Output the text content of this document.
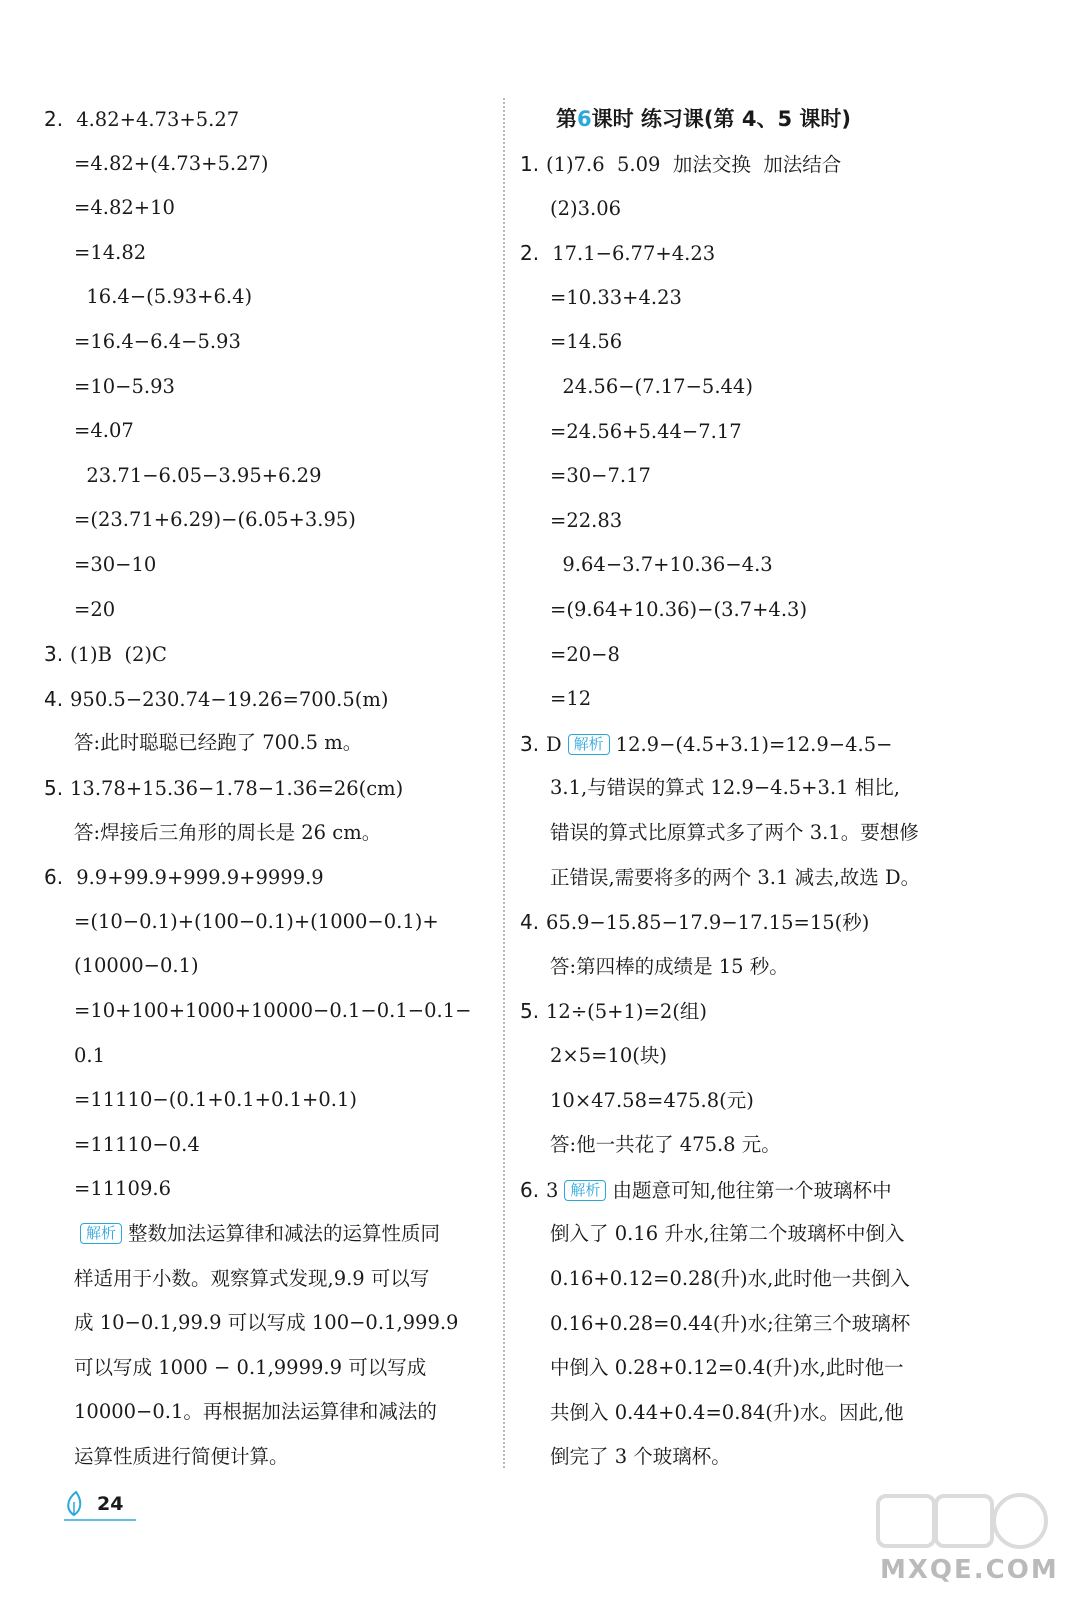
2. 4.82+4.73+5.27
=4.82+(4.73+5.27)
=4.82+10
=14.82
16.4−(5.93+6.4)
=16.4−6.4−5.93
=10−5.93
=4.07
23.71−6.05−3.95+6.29
=(23.71+6.29)−(6.05+3.95)
=30−10
=20
3. (1)B  (2)C
4. 950.5−230.74−19.26=700.5(m)
答:此时聪聪已经跑了 700.5 m。
5. 13.78+15.36−1.78−1.36=26(cm)
答:焊接后三角形的周长是 26 cm。
6. 9.9+99.9+999.9+9999.9
=(10−0.1)+(100−0.1)+(1000−0.1)+
(10000−0.1)
=10+100+1000+10000−0.1−0.1−0.1−
0.1
=11110−(0.1+0.1+0.1+0.1)
=11110−0.4
=11109.6
解析 整数加法运算律和减法的运算性质同
样适用于小数。观察算式发现,9.9 可以写
成 10−0.1,99.9 可以写成 100−0.1,999.9
可以写成 1000 − 0.1,9999.9 可以写成
10000−0.1。再根据加法运算律和减法的
运算性质进行简便计算。
第6课时 练习课(第 4、5 课时)
1. (1)7.6  5.09  加法交换  加法结合
(2)3.06
2. 17.1−6.77+4.23
=10.33+4.23
=14.56
24.56−(7.17−5.44)
=24.56+5.44−7.17
=30−7.17
=22.83
9.64−3.7+10.36−4.3
=(9.64+10.36)−(3.7+4.3)
=20−8
=12
3. D 解析 12.9−(4.5+3.1)=12.9−4.5−
3.1,与错误的算式 12.9−4.5+3.1 相比,
错误的算式比原算式多了两个 3.1。要想修
正错误,需要将多的两个 3.1 减去,故选 D。
4. 65.9−15.85−17.9−17.15=15(秒)
答:第四棒的成绩是 15 秒。
5. 12÷(5+1)=2(组)
2×5=10(块)
10×47.58=475.8(元)
答:他一共花了 475.8 元。
6. 3 解析 由题意可知,他往第一个玻璃杯中
倒入了 0.16 升水,往第二个玻璃杯中倒入
0.16+0.12=0.28(升)水,此时他一共倒入
0.16+0.28=0.44(升)水;往第三个玻璃杯
中倒入 0.28+0.12=0.4(升)水,此时他一
共倒入 0.44+0.4=0.84(升)水。因此,他
倒完了 3 个玻璃杯。
24
MXQE.COM
